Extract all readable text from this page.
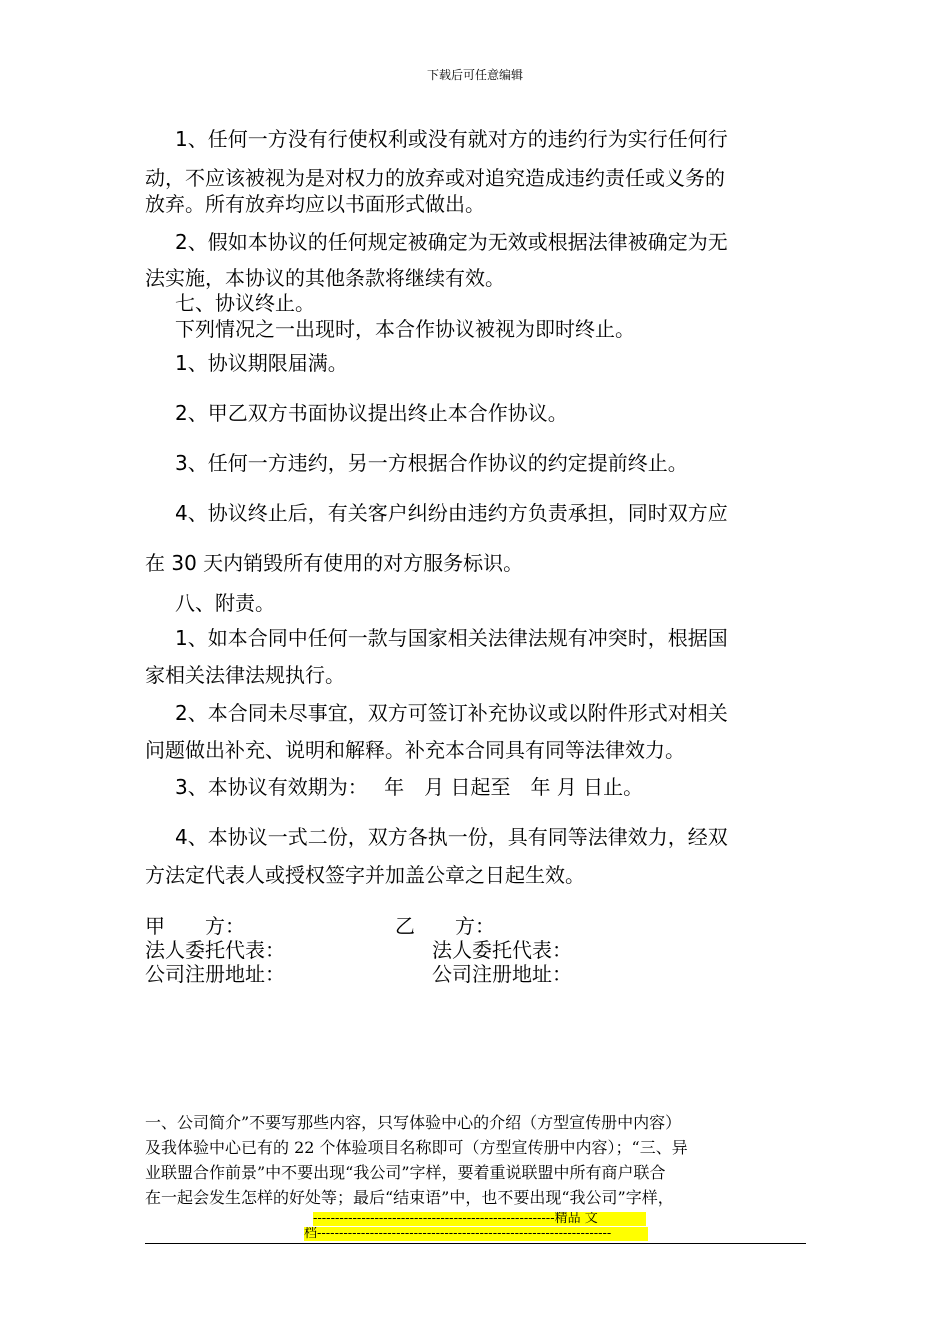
下载后可任意编辑
1、任何一方没有行使权利或没有就对方的违约行为实行任何行
动，不应该被视为是对权力的放弃或对追究造成违约责任或义务的
放弃。所有放弃均应以书面形式做出。
2、假如本协议的任何规定被确定为无效或根据法律被确定为无
法实施，本协议的其他条款将继续有效。
七、协议终止。
下列情况之一出现时，本合作协议被视为即时终止。
1、协议期限届满。
2、甲乙双方书面协议提出终止本合作协议。
3、任何一方违约，另一方根据合作协议的约定提前终止。
4、协议终止后，有关客户纠纷由违约方负责承担，同时双方应
在 30 天内销毁所有使用的对方服务标识。
八、附责。
1、如本合同中任何一款与国家相关法律法规有冲突时，根据国
家相关法律法规执行。
2、本合同未尽事宜，双方可签订补充协议或以附件形式对相关
问题做出补充、说明和解释。补充本合同具有同等法律效力。
3、本协议有效期为：　 年　月 日起至　年 月 日止。
4、本协议一式二份，双方各执一份，具有同等法律效力，经双
方法定代表人或授权签字并加盖公章之日起生效。
甲　　方：	乙　　方：
法人委托代表：	法人委托代表：
公司注册地址：	公司注册地址：
一、公司简介”不要写那些内容，只写体验中心的介绍（方型宣传册中内容）
及我体验中心已有的 22 个体验项目名称即可（方型宣传册中内容）；“三、异
业联盟合作前景”中不要出现“我公司”字样，要着重说联盟中所有商户联合
在一起会发生怎样的好处等；最后“结束语”中，也不要出现“我公司”字样，
-------------------------------------------------------精品 文
档-------------------------------------------------------------------
